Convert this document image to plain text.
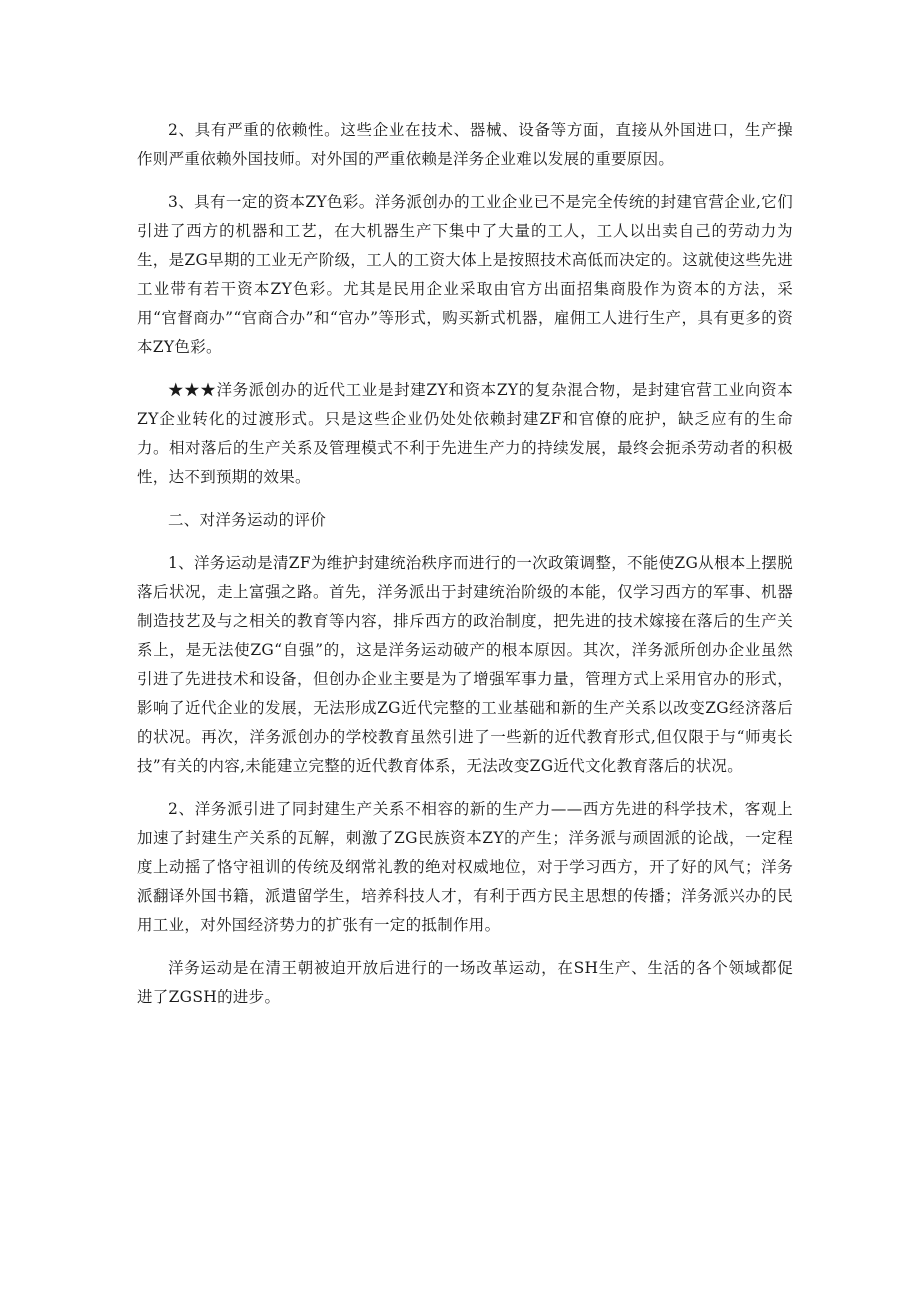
2、具有严重的依赖性。这些企业在技术、器械、设备等方面，直接从外国进口，生产操作则严重依赖外国技师。对外国的严重依赖是洋务企业难以发展的重要原因。

3、具有一定的资本ZY色彩。洋务派创办的工业企业已不是完全传统的封建官营企业,它们引进了西方的机器和工艺，在大机器生产下集中了大量的工人，工人以出卖自己的劳动力为生，是ZG早期的工业无产阶级，工人的工资大体上是按照技术高低而决定的。这就使这些先进工业带有若干资本ZY色彩。尤其是民用企业采取由官方出面招集商股作为资本的方法，采用“官督商办”“官商合办”和“官办”等形式，购买新式机器，雇佣工人进行生产，具有更多的资本ZY色彩。

★★★洋务派创办的近代工业是封建ZY和资本ZY的复杂混合物，是封建官营工业向资本ZY企业转化的过渡形式。只是这些企业仍处处依赖封建ZF和官僚的庇护，缺乏应有的生命力。相对落后的生产关系及管理模式不利于先进生产力的持续发展，最终会扼杀劳动者的积极性，达不到预期的效果。

二、对洋务运动的评价

1、洋务运动是清ZF为维护封建统治秩序而进行的一次政策调整，不能使ZG从根本上摆脱落后状况，走上富强之路。首先，洋务派出于封建统治阶级的本能，仅学习西方的军事、机器制造技艺及与之相关的教育等内容，排斥西方的政治制度，把先进的技术嫁接在落后的生产关系上，是无法使ZG“自强”的，这是洋务运动破产的根本原因。其次，洋务派所创办企业虽然引进了先进技术和设备，但创办企业主要是为了增强军事力量，管理方式上采用官办的形式，影响了近代企业的发展，无法形成ZG近代完整的工业基础和新的生产关系以改变ZG经济落后的状况。再次，洋务派创办的学校教育虽然引进了一些新的近代教育形式,但仅限于与“师夷长技”有关的内容,未能建立完整的近代教育体系，无法改变ZG近代文化教育落后的状况。

2、洋务派引进了同封建生产关系不相容的新的生产力——西方先进的科学技术，客观上加速了封建生产关系的瓦解，刺激了ZG民族资本ZY的产生；洋务派与顽固派的论战，一定程度上动摇了恪守祖训的传统及纲常礼教的绝对权威地位，对于学习西方，开了好的风气；洋务派翻译外国书籍，派遣留学生，培养科技人才，有利于西方民主思想的传播；洋务派兴办的民用工业，对外国经济势力的扩张有一定的抵制作用。

洋务运动是在清王朝被迫开放后进行的一场改革运动，在SH生产、生活的各个领域都促进了ZGSH的进步。
